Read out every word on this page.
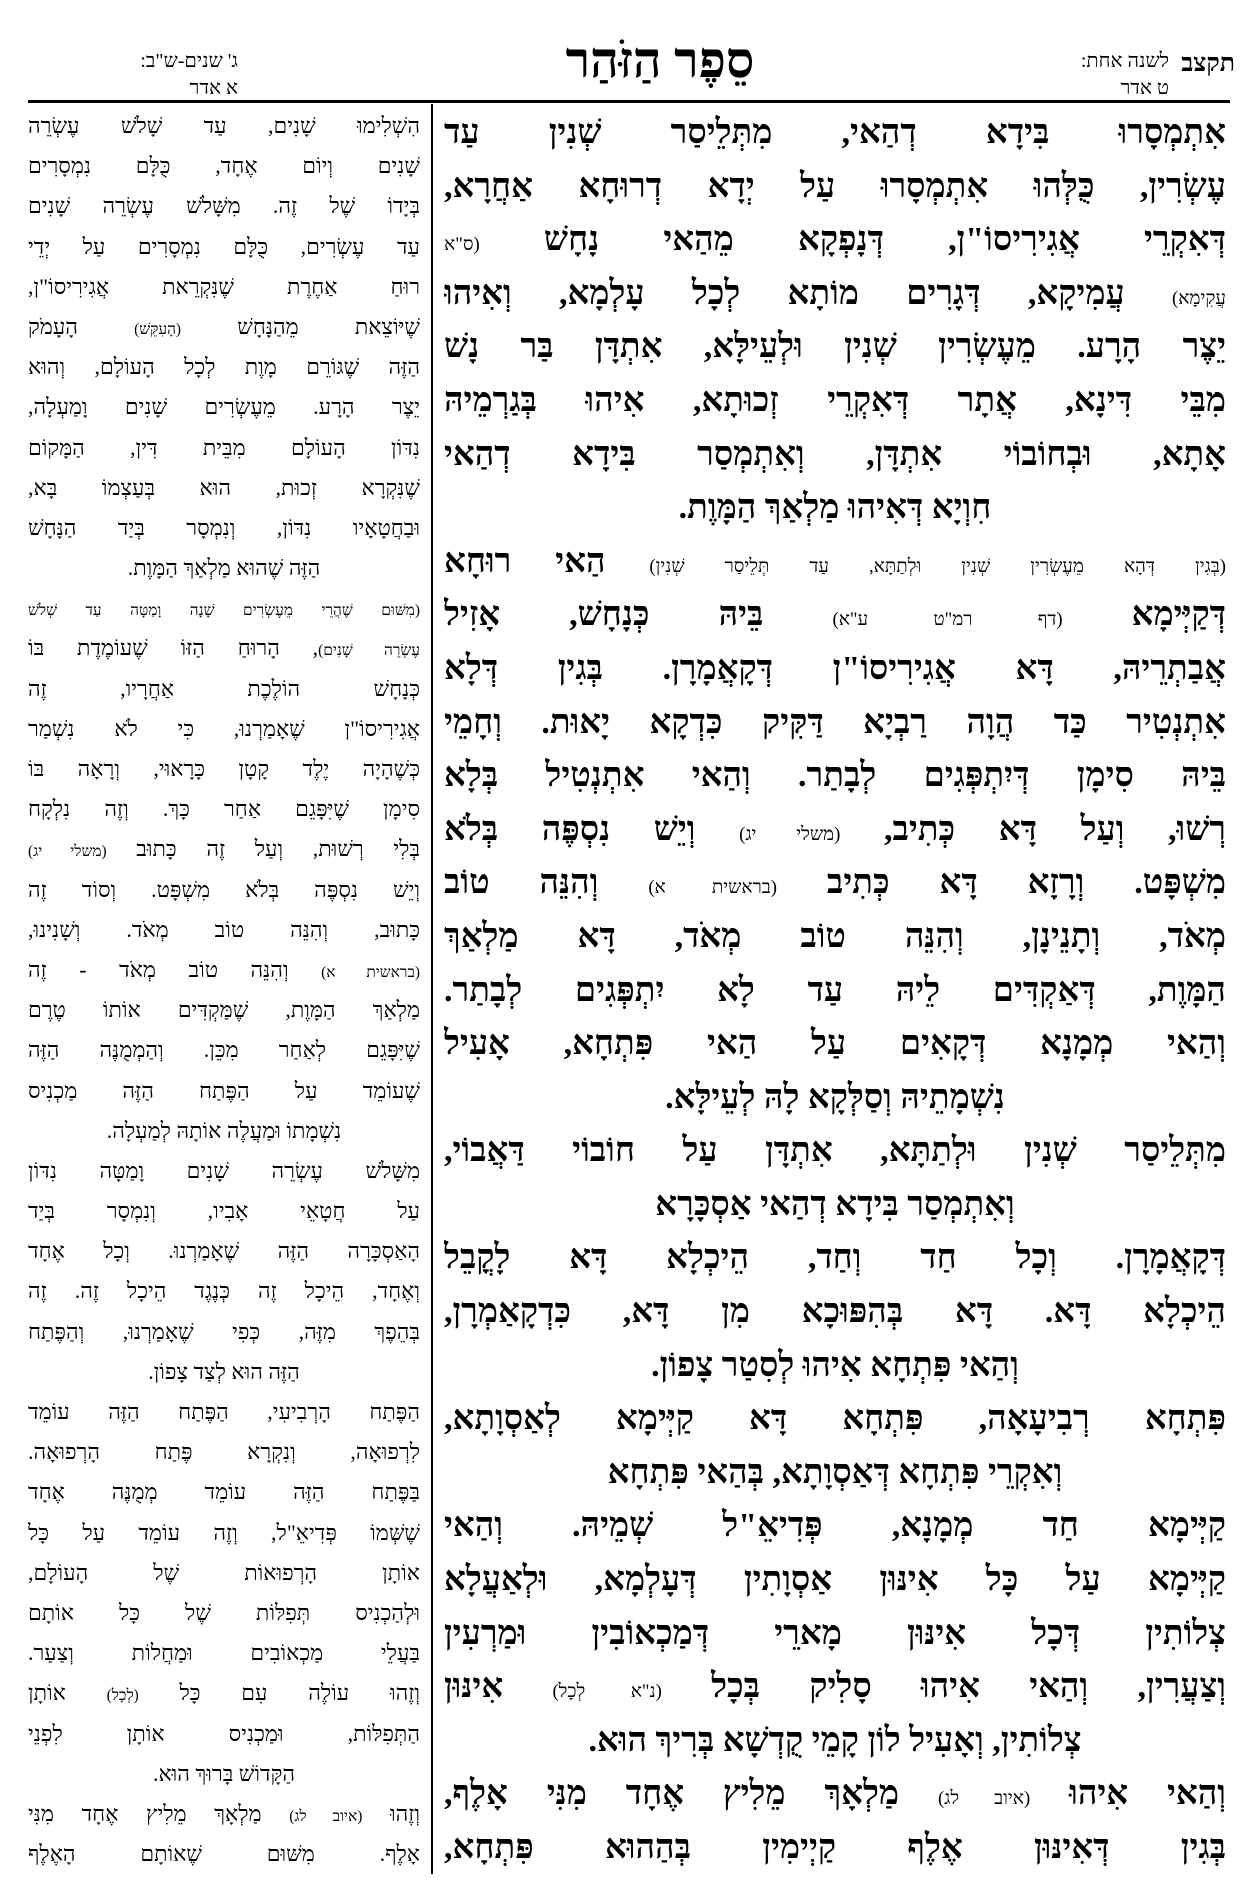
תקצב
לשנה אחת:
ט אדר
סֵפֶר הַזֹּהַר
ג' שנים-ש"ב:
א אדר
אִתְמְסָרוּ בִּידָא דְהַאי, מִתְּלֵיסַר שְׁנִין עַד
עֶשְׂרִין, כֻּלְּהוּ אִתְמְסָרוּ עַל יְדָא דְרוּחָא אַחֲרָא,
דְּאִקְרֵי אֲגִירִיסוֹ"ן, דְּנָפְקָא מֵהַאי נָחָשׁ (ס"א
עֲקִימָא) עֲמִיקָא, דְּגָרִים מוֹתָא לְכָל עָלְמָא, וְאִיהוּ
יֵצֶר הָרָע. מֵעֶשְׂרִין שְׁנִין וּלְעֵילָּא, אִתְדָּן בַּר נָשׁ
מִבֵּי דִּינָא, אֲתָר דְּאִקְרֵי זְכוּתָא, אִיהוּ בְּגַרְמֵיהּ
אָתָא, וּבְחוֹבוֹי אִתְדָּן, וְאִתְמְסַר בִּידָא דְהַאי
חִוְיָא דְּאִיהוּ מַלְאַךְ הַמָּוֶת.
(בְּגִין דְּהָא מֵעֶשְׂרִין שְׁנִין וּלְתַתָּא, עַד תְּלֵיסַר שְׁנִין) הַאי רוּחָא
דְּקַיְּימָא (דף רמ"ט ע"א) בֵּיהּ כְּנָחָשׁ, אָזִיל
אֲבַתְרֵיהּ, דָּא אֲגִירִיסוֹ"ן דְּקָאֲמָרָן. בְּגִין דְּלָא
אִתְנְטִיר כַּד הֲוָה רַבְיָא דַּקִּיק כִּדְקָא יָאוּת. וְחָמֵי
בֵּיהּ סִימָן דְּיִתְפְּגִים לְבָתַר. וְהַאי אִתְנְטִיל בְּלָא
רְשׁוּ, וְעַל דָּא כְּתִיב, (משלי יג) וְיֵשׁ נִסְפֶּה בְּלֹא
מִשְׁפָּט. וְרָזָא דָּא כְּתִיב (בראשית א) וְהִנֵּה טוֹב
מְאֹד, וְתָנֵינָן, וְהִנֵּה טוֹב מְאֹד, דָּא מַלְאַךְ
הַמָּוֶת, דְּאַקְדִּים לֵיהּ עַד לָא יִתְפְּגִים לְבָתַר.
וְהַאי מְמָנָא דְּקָאִים עַל הַאי פִּתְחָא, אָעִיל
נִשְׁמָתֵיהּ וְסַלְּקָא לָהּ לְעֵילָּא.
מִתְּלֵיסַר שְׁנִין וּלְתַתָּא, אִתְדָּן עַל חוֹבוֹי דַּאֲבוֹי,
וְאִתְמְסַר בִּידָא דְהַאי אַסְכָּרָא
דְּקָאֲמָרָן. וְכָל חַד וְחַד, הֵיכְלָא דָּא לָקֳבֵל
הֵיכְלָא דָּא. דָּא בְּהִפּוּכָא מִן דָּא, כִּדְקָאַמְרָן,
וְהַאי פִּתְחָא אִיהוּ לְסִטַר צָפוֹן.
פִּתְחָא רְבִיעָאָה, פִּתְחָא דָּא קַיְּימָא לְאַסְוָתָא,
וְאִקְרֵי פִּתְחָא דְּאַסְוָתָא, בְּהַאי פִּתְחָא
קַיְּימָא חַד מְמָנָא, פְּדִיאֵ"ל שְׁמֵיהּ. וְהַאי
קַיְּימָא עַל כָּל אִינּוּן אַסְוָתִין דְּעָלְמָא, וּלְאַעֲלָא
צְלוֹתִין דְּכָל אִינּוּן מָארֵי דְּמַכְאוֹבִין וּמַרְעִין
וְצַעֲרִין, וְהַאי אִיהוּ סָלִיק בְּכָל (נ"א לְכָל) אִינּוּן
צְלוֹתִין, וְאָעִיל לוֹן קָמֵי קֻדְשָׁא בְּרִיךְ הוּא.
וְהַאי אִיהוּ (איוב לג) מַלְאָךְ מֵלִיץ אֶחָד מִנִּי אָלֶף,
בְּגִין דְּאִינּוּן אֶלֶף קַיְימִין בְּהַהוּא פִּתְחָא,
הִשְׁלִימוּ שָׁנִים, עַד שָׁלֹשׁ עֶשְׂרֵה
שָׁנִים וְיוֹם אֶחָד, כֻּלָּם נִמְסָרִים
בְּיָדוֹ שֶׁל זֶה. מִשָּׁלֹשׁ עֶשְׂרֵה שָׁנִים
עַד עֶשְׂרִים, כֻּלָּם נִמְסָרִים עַל יְדֵי
רוּחַ אַחֶרֶת שֶׁנִּקְרֵאת אֲגִירִיסוֹ"ן,
שֶׁיּוֹצֵאת מֵהַנָּחָשׁ (הָעִקֵּשׁ) הָעָמֹק
הַזֶּה שֶׁגּוֹרֵם מָוֶת לְכָל הָעוֹלָם, וְהוּא
יֵצֶר הָרָע. מֵעֶשְׂרִים שָׁנִים וָמַעְלָה,
נִדּוֹן הָעוֹלָם מִבֵּית דִּין, הַמָּקוֹם
שֶׁנִּקְרָא זְכוּת, הוּא בְּעַצְמוֹ בָּא,
וּבַחֲטָאָיו נִדּוֹן, וְנִמְסָר בְּיַד הַנָּחָשׁ
הַזֶּה שֶׁהוּא מַלְאַךְ הַמָּוֶת.
(מִשּׁוּם שֶׁהֲרֵי מֵעֶשְׂרִים שָׁנָה וָמַטָּה עַד שְׁלֹשׁ
עֶשְׂרֵה שָׁנִים), הָרוּחַ הַזּוֹ שֶׁעוֹמֶדֶת בּוֹ
כְּנָחָשׁ הוֹלֶכֶת אַחֲרָיו, זֶה
אֲגִירִיסוֹ"ן שֶׁאָמַרְנוּ, כִּי לֹא נִשְׁמַר
כְּשֶׁהָיָה יֶלֶד קָטָן כָּרָאוּי, וְרָאָה בּוֹ
סִימָן שֶׁיִּפָּגֵם אַחַר כָּךְ. וְזֶה נִלְקָח
בְּלִי רְשׁוּת, וְעַל זֶה כָּתוּב (משלי יג)
וְיֵשׁ נִסְפֶּה בְּלֹא מִשְׁפָּט. וְסוֹד זֶה
כָּתוּב, וְהִנֵּה טוֹב מְאֹד. וְשָׁנִינוּ,
(בראשית א) וְהִנֵּה טוֹב מְאֹד - זֶה
מַלְאַךְ הַמָּוֶת, שֶׁמַּקְדִּים אוֹתוֹ טֶרֶם
שֶׁיִּפָּגֵם לְאַחַר מִכֵּן. וְהַמְמֻנֶּה הַזֶּה
שֶׁעוֹמֵד עַל הַפֶּתַח הַזֶּה מַכְנִיס
נִשְׁמָתוֹ וּמַעֲלֶה אוֹתָהּ לְמַעְלָה.
מִשָּׁלֹשׁ עֶשְׂרֵה שָׁנִים וָמַטָּה נִדּוֹן
עַל חֲטָאֵי אָבִיו, וְנִמְסָר בְּיַד
הָאַסְכָּרָה הַזֶּה שֶׁאָמַרְנוּ. וְכָל אֶחָד
וְאֶחָד, הֵיכָל זֶה כְּנֶגֶד הֵיכָל זֶה. זֶה
בְּהֵפֶךְ מִזֶּה, כְּפִי שֶׁאָמַרְנוּ, וְהַפֶּתַח
הַזֶּה הוּא לְצַד צָפוֹן.
הַפֶּתַח הָרְבִיעִי, הַפֶּתַח הַזֶּה עוֹמֵד
לִרְפוּאָה, וְנִקְרָא פֶּתַח הָרְפוּאָה.
בַּפֶּתַח הַזֶּה עוֹמֵד מְמֻנֶּה אֶחָד
שֶׁשְּׁמוֹ פְּדִיאֵ"ל, וְזֶה עוֹמֵד עַל כָּל
אוֹתָן הָרְפוּאוֹת שֶׁל הָעוֹלָם,
וּלְהַכְנִיס תְּפִלּוֹת שֶׁל כָּל אוֹתָם
בַּעֲלֵי מַכְאוֹבִים וּמַחֲלוֹת וְצַעַר.
וְזֶהוּ עוֹלֶה עִם כָּל (לְכָל) אוֹתָן
הַתְּפִלּוֹת, וּמַכְנִיס אוֹתָן לִפְנֵי
הַקָּדוֹשׁ בָּרוּךְ הוּא.
וְזֶהוּ (איוב לג) מַלְאָךְ מֵלִיץ אֶחָד מִנִּי
אָלֶף. מִשּׁוּם שֶׁאוֹתָם הָאֶלֶף
